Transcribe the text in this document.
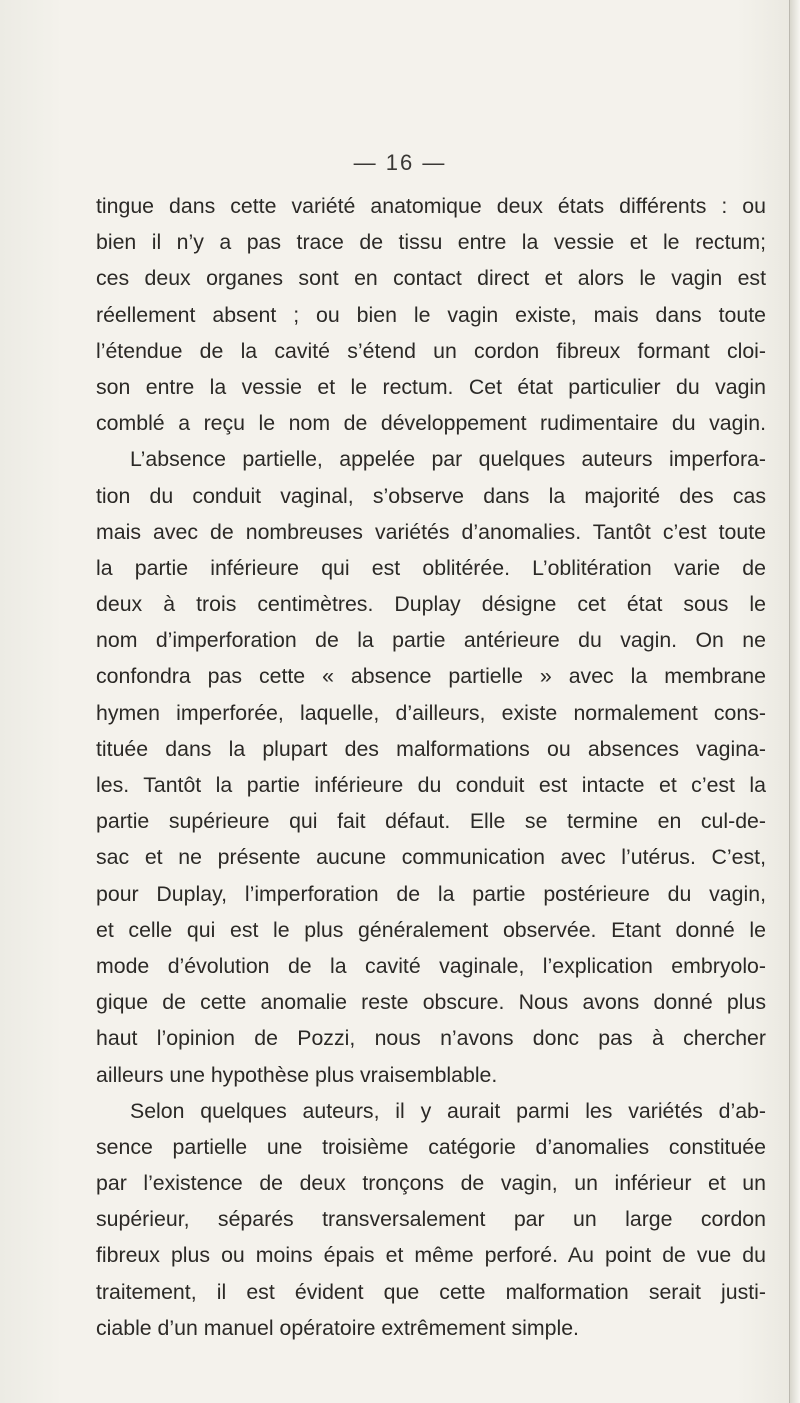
— 16 —
tingue dans cette variété anatomique deux états différents : ou
bien il n’y a pas trace de tissu entre la vessie et le rectum;
ces deux organes sont en contact direct et alors le vagin est
réellement absent ; ou bien le vagin existe, mais dans toute
l’étendue de la cavité s’étend un cordon fibreux formant cloi-
son entre la vessie et le rectum. Cet état particulier du vagin
comblé a reçu le nom de développement rudimentaire du vagin.
L’absence partielle, appelée par quelques auteurs imperfora-
tion du conduit vaginal, s’observe dans la majorité des cas
mais avec de nombreuses variétés d’anomalies. Tantôt c’est toute
la partie inférieure qui est oblitérée. L’oblitération varie de
deux à trois centimètres. Duplay désigne cet état sous le
nom d’imperforation de la partie antérieure du vagin. On ne
confondra pas cette « absence partielle » avec la membrane
hymen imperforée, laquelle, d’ailleurs, existe normalement cons-
tituée dans la plupart des malformations ou absences vagina-
les. Tantôt la partie inférieure du conduit est intacte et c’est la
partie supérieure qui fait défaut. Elle se termine en cul-de-
sac et ne présente aucune communication avec l’utérus. C’est,
pour Duplay, l’imperforation de la partie postérieure du vagin,
et celle qui est le plus généralement observée. Etant donné le
mode d’évolution de la cavité vaginale, l’explication embryolo-
gique de cette anomalie reste obscure. Nous avons donné plus
haut l’opinion de Pozzi, nous n’avons donc pas à chercher
ailleurs une hypothèse plus vraisemblable.
Selon quelques auteurs, il y aurait parmi les variétés d’ab-
sence partielle une troisième catégorie d’anomalies constituée
par l’existence de deux tronçons de vagin, un inférieur et un
supérieur, séparés transversalement par un large cordon
fibreux plus ou moins épais et même perforé. Au point de vue du
traitement, il est évident que cette malformation serait justi-
ciable d’un manuel opératoire extrêmement simple.
